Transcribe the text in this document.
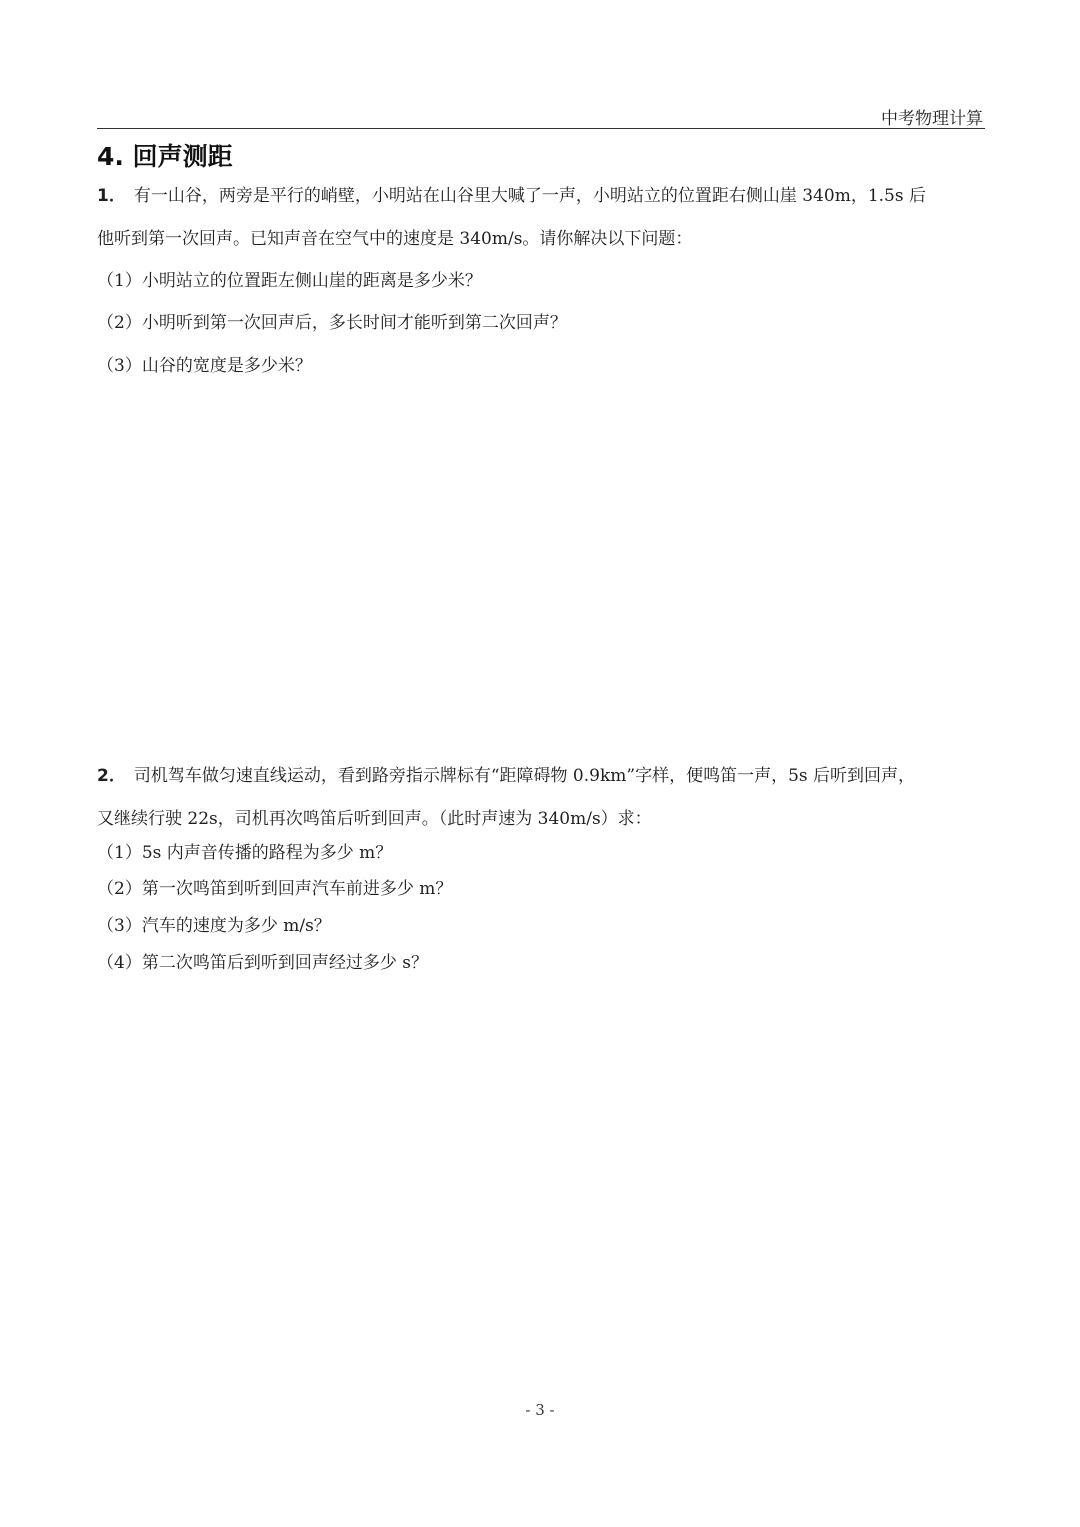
中考物理计算
4. 回声测距
1． 有一山谷，两旁是平行的峭壁，小明站在山谷里大喊了一声，小明站立的位置距右侧山崖 340m，1.5s 后
他听到第一次回声。已知声音在空气中的速度是 340m/s。请你解决以下问题：
（1）小明站立的位置距左侧山崖的距离是多少米？
（2）小明听到第一次回声后，多长时间才能听到第二次回声？
（3）山谷的宽度是多少米？
2． 司机驾车做匀速直线运动，看到路旁指示牌标有“距障碍物 0.9km”字样，便鸣笛一声，5s 后听到回声，
又继续行驶 22s，司机再次鸣笛后听到回声。（此时声速为 340m/s）求：
（1）5s 内声音传播的路程为多少 m？
（2）第一次鸣笛到听到回声汽车前进多少 m？
（3）汽车的速度为多少 m/s？
（4）第二次鸣笛后到听到回声经过多少 s？
- 3 -
